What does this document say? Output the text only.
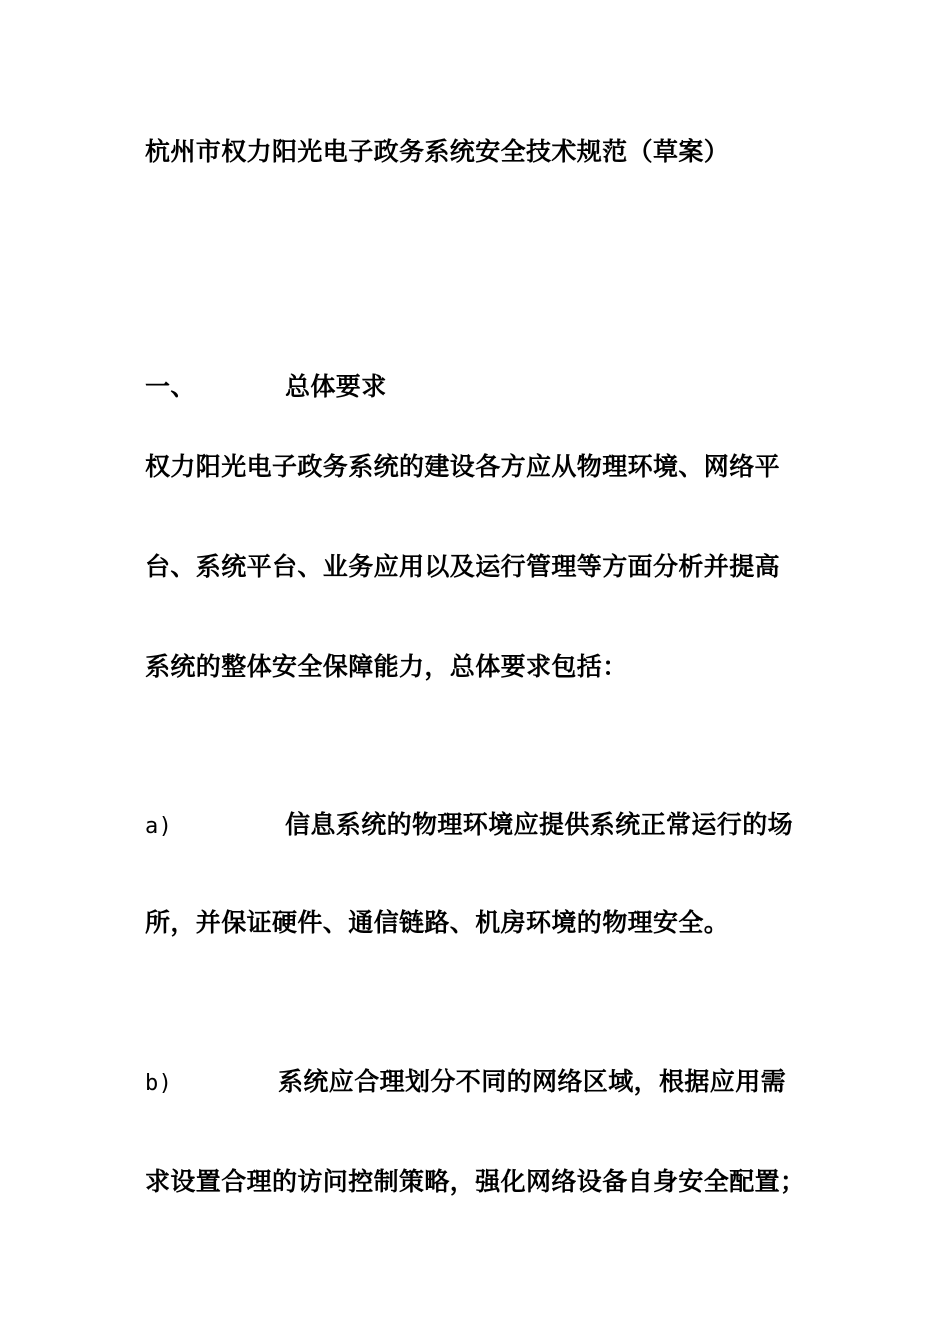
杭州市权力阳光电子政务系统安全技术规范（草案）
一、	总体要求
权力阳光电子政务系统的建设各方应从物理环境、网络平
台、系统平台、业务应用以及运行管理等方面分析并提高
系统的整体安全保障能力，总体要求包括：
a)	信息系统的物理环境应提供系统正常运行的场
所，并保证硬件、通信链路、机房环境的物理安全。
b)	系统应合理划分不同的网络区域，根据应用需
求设置合理的访问控制策略，强化网络设备自身安全配置；
